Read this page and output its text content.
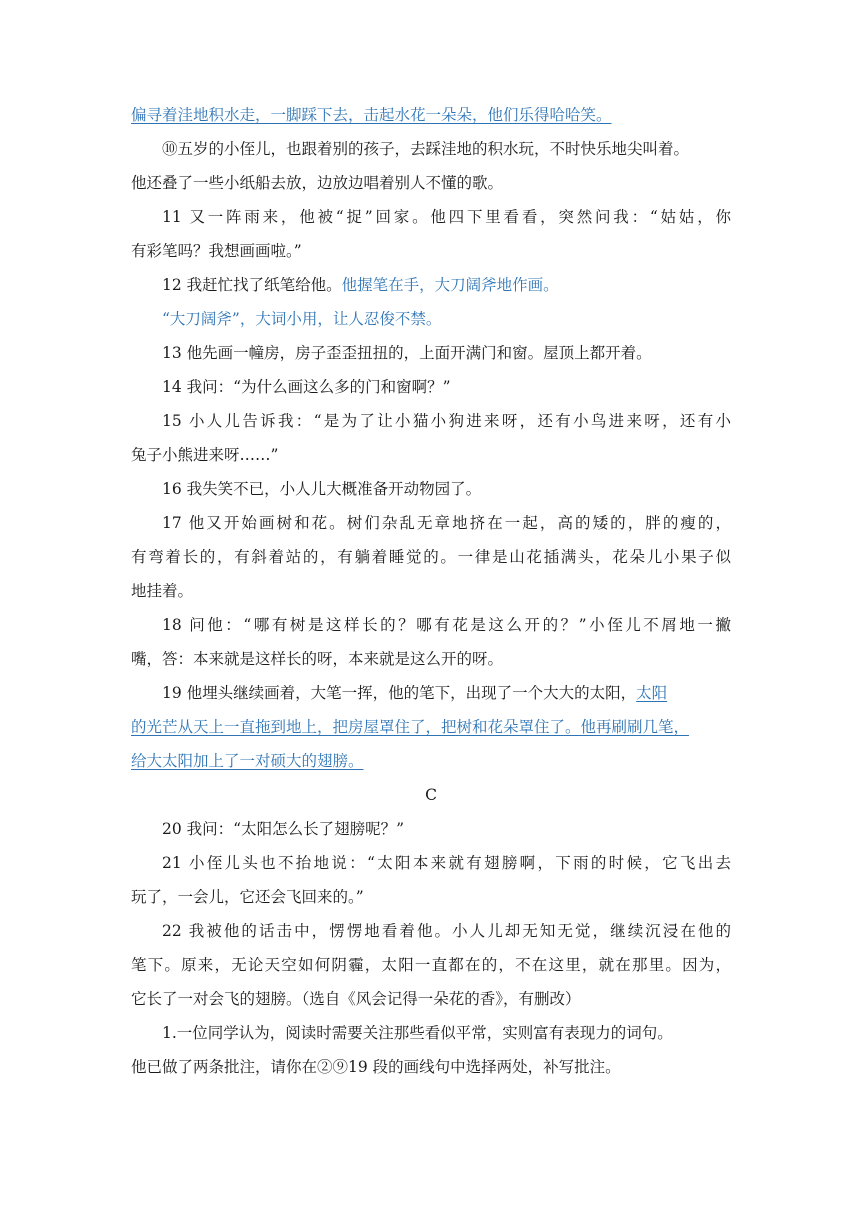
偏寻着洼地积水走，一脚踩下去，击起水花一朵朵，他们乐得哈哈笑。
⑩五岁的小侄儿，也跟着别的孩子，去踩洼地的积水玩，不时快乐地尖叫着。
他还叠了一些小纸船去放，边放边唱着别人不懂的歌。
11 又一阵雨来，他被“捉”回家。他四下里看看，突然问我：“姑姑，你
有彩笔吗？我想画画啦。”
12 我赶忙找了纸笔给他。他握笔在手，大刀阔斧地作画。
“大刀阔斧”，大词小用，让人忍俊不禁。
13 他先画一幢房，房子歪歪扭扭的，上面开满门和窗。屋顶上都开着。
14 我问：“为什么画这么多的门和窗啊？”
15 小人儿告诉我：“是为了让小猫小狗进来呀，还有小鸟进来呀，还有小
兔子小熊进来呀……”
16 我失笑不已，小人儿大概准备开动物园了。
17 他又开始画树和花。树们杂乱无章地挤在一起，高的矮的，胖的瘦的，
有弯着长的，有斜着站的，有躺着睡觉的。一律是山花插满头，花朵儿小果子似
地挂着。
18 问他：“哪有树是这样长的？哪有花是这么开的？”小侄儿不屑地一撇
嘴，答：本来就是这样长的呀，本来就是这么开的呀。
19 他埋头继续画着，大笔一挥，他的笔下，出现了一个大大的太阳，太阳
的光芒从天上一直拖到地上，把房屋罩住了，把树和花朵罩住了。他再刷刷几笔，
给大太阳加上了一对硕大的翅膀。
C
20 我问：“太阳怎么长了翅膀呢？”
21 小侄儿头也不抬地说：“太阳本来就有翅膀啊，下雨的时候，它飞出去
玩了，一会儿，它还会飞回来的。”
22 我被他的话击中，愣愣地看着他。小人儿却无知无觉，继续沉浸在他的
笔下。原来，无论天空如何阴霾，太阳一直都在的，不在这里，就在那里。因为，
它长了一对会飞的翅膀。（选自《风会记得一朵花的香》，有删改）
1.一位同学认为，阅读时需要关注那些看似平常，实则富有表现力的词句。
他已做了两条批注，请你在②⑨19 段的画线句中选择两处，补写批注。
